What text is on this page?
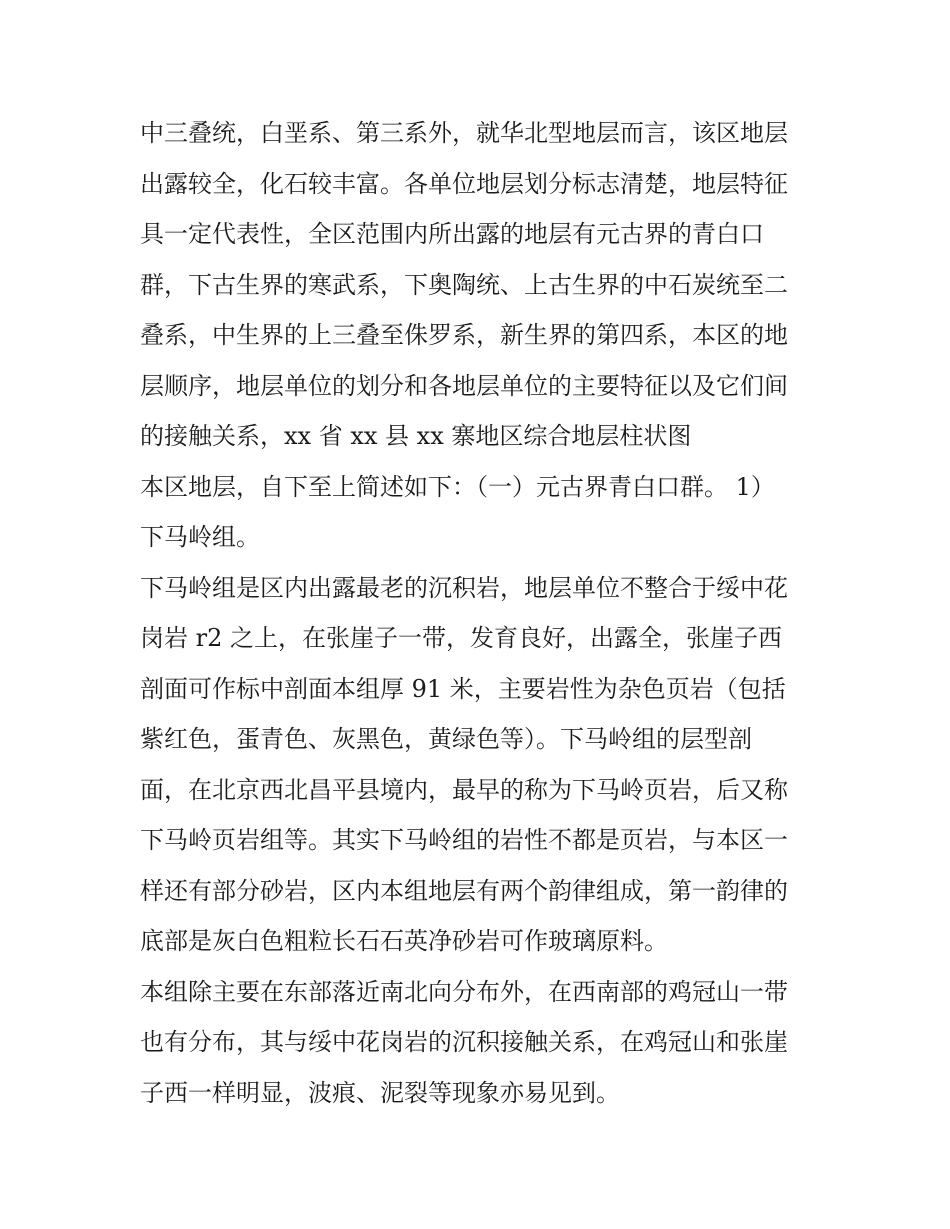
中三叠统，白垩系、第三系外，就华北型地层而言，该区地层
出露较全，化石较丰富。各单位地层划分标志清楚，地层特征
具一定代表性，全区范围内所出露的地层有元古界的青白口
群，下古生界的寒武系，下奥陶统、上古生界的中石炭统至二
叠系，中生界的上三叠至侏罗系，新生界的第四系，本区的地
层顺序，地层单位的划分和各地层单位的主要特征以及它们间
的接触关系，xx 省 xx 县 xx 寨地区综合地层柱状图
本区地层，自下至上简述如下：（一）元古界青白口群。 1）
下马岭组。
下马岭组是区内出露最老的沉积岩，地层单位不整合于绥中花
岗岩 r2 之上，在张崖子一带，发育良好，出露全，张崖子西
剖面可作标中剖面本组厚 91 米，主要岩性为杂色页岩（包括
紫红色，蛋青色、灰黑色，黄绿色等）。下马岭组的层型剖
面，在北京西北昌平县境内，最早的称为下马岭页岩，后又称
下马岭页岩组等。其实下马岭组的岩性不都是页岩，与本区一
样还有部分砂岩，区内本组地层有两个韵律组成，第一韵律的
底部是灰白色粗粒长石石英净砂岩可作玻璃原料。
本组除主要在东部落近南北向分布外，在西南部的鸡冠山一带
也有分布，其与绥中花岗岩的沉积接触关系，在鸡冠山和张崖
子西一样明显，波痕、泥裂等现象亦易见到。
